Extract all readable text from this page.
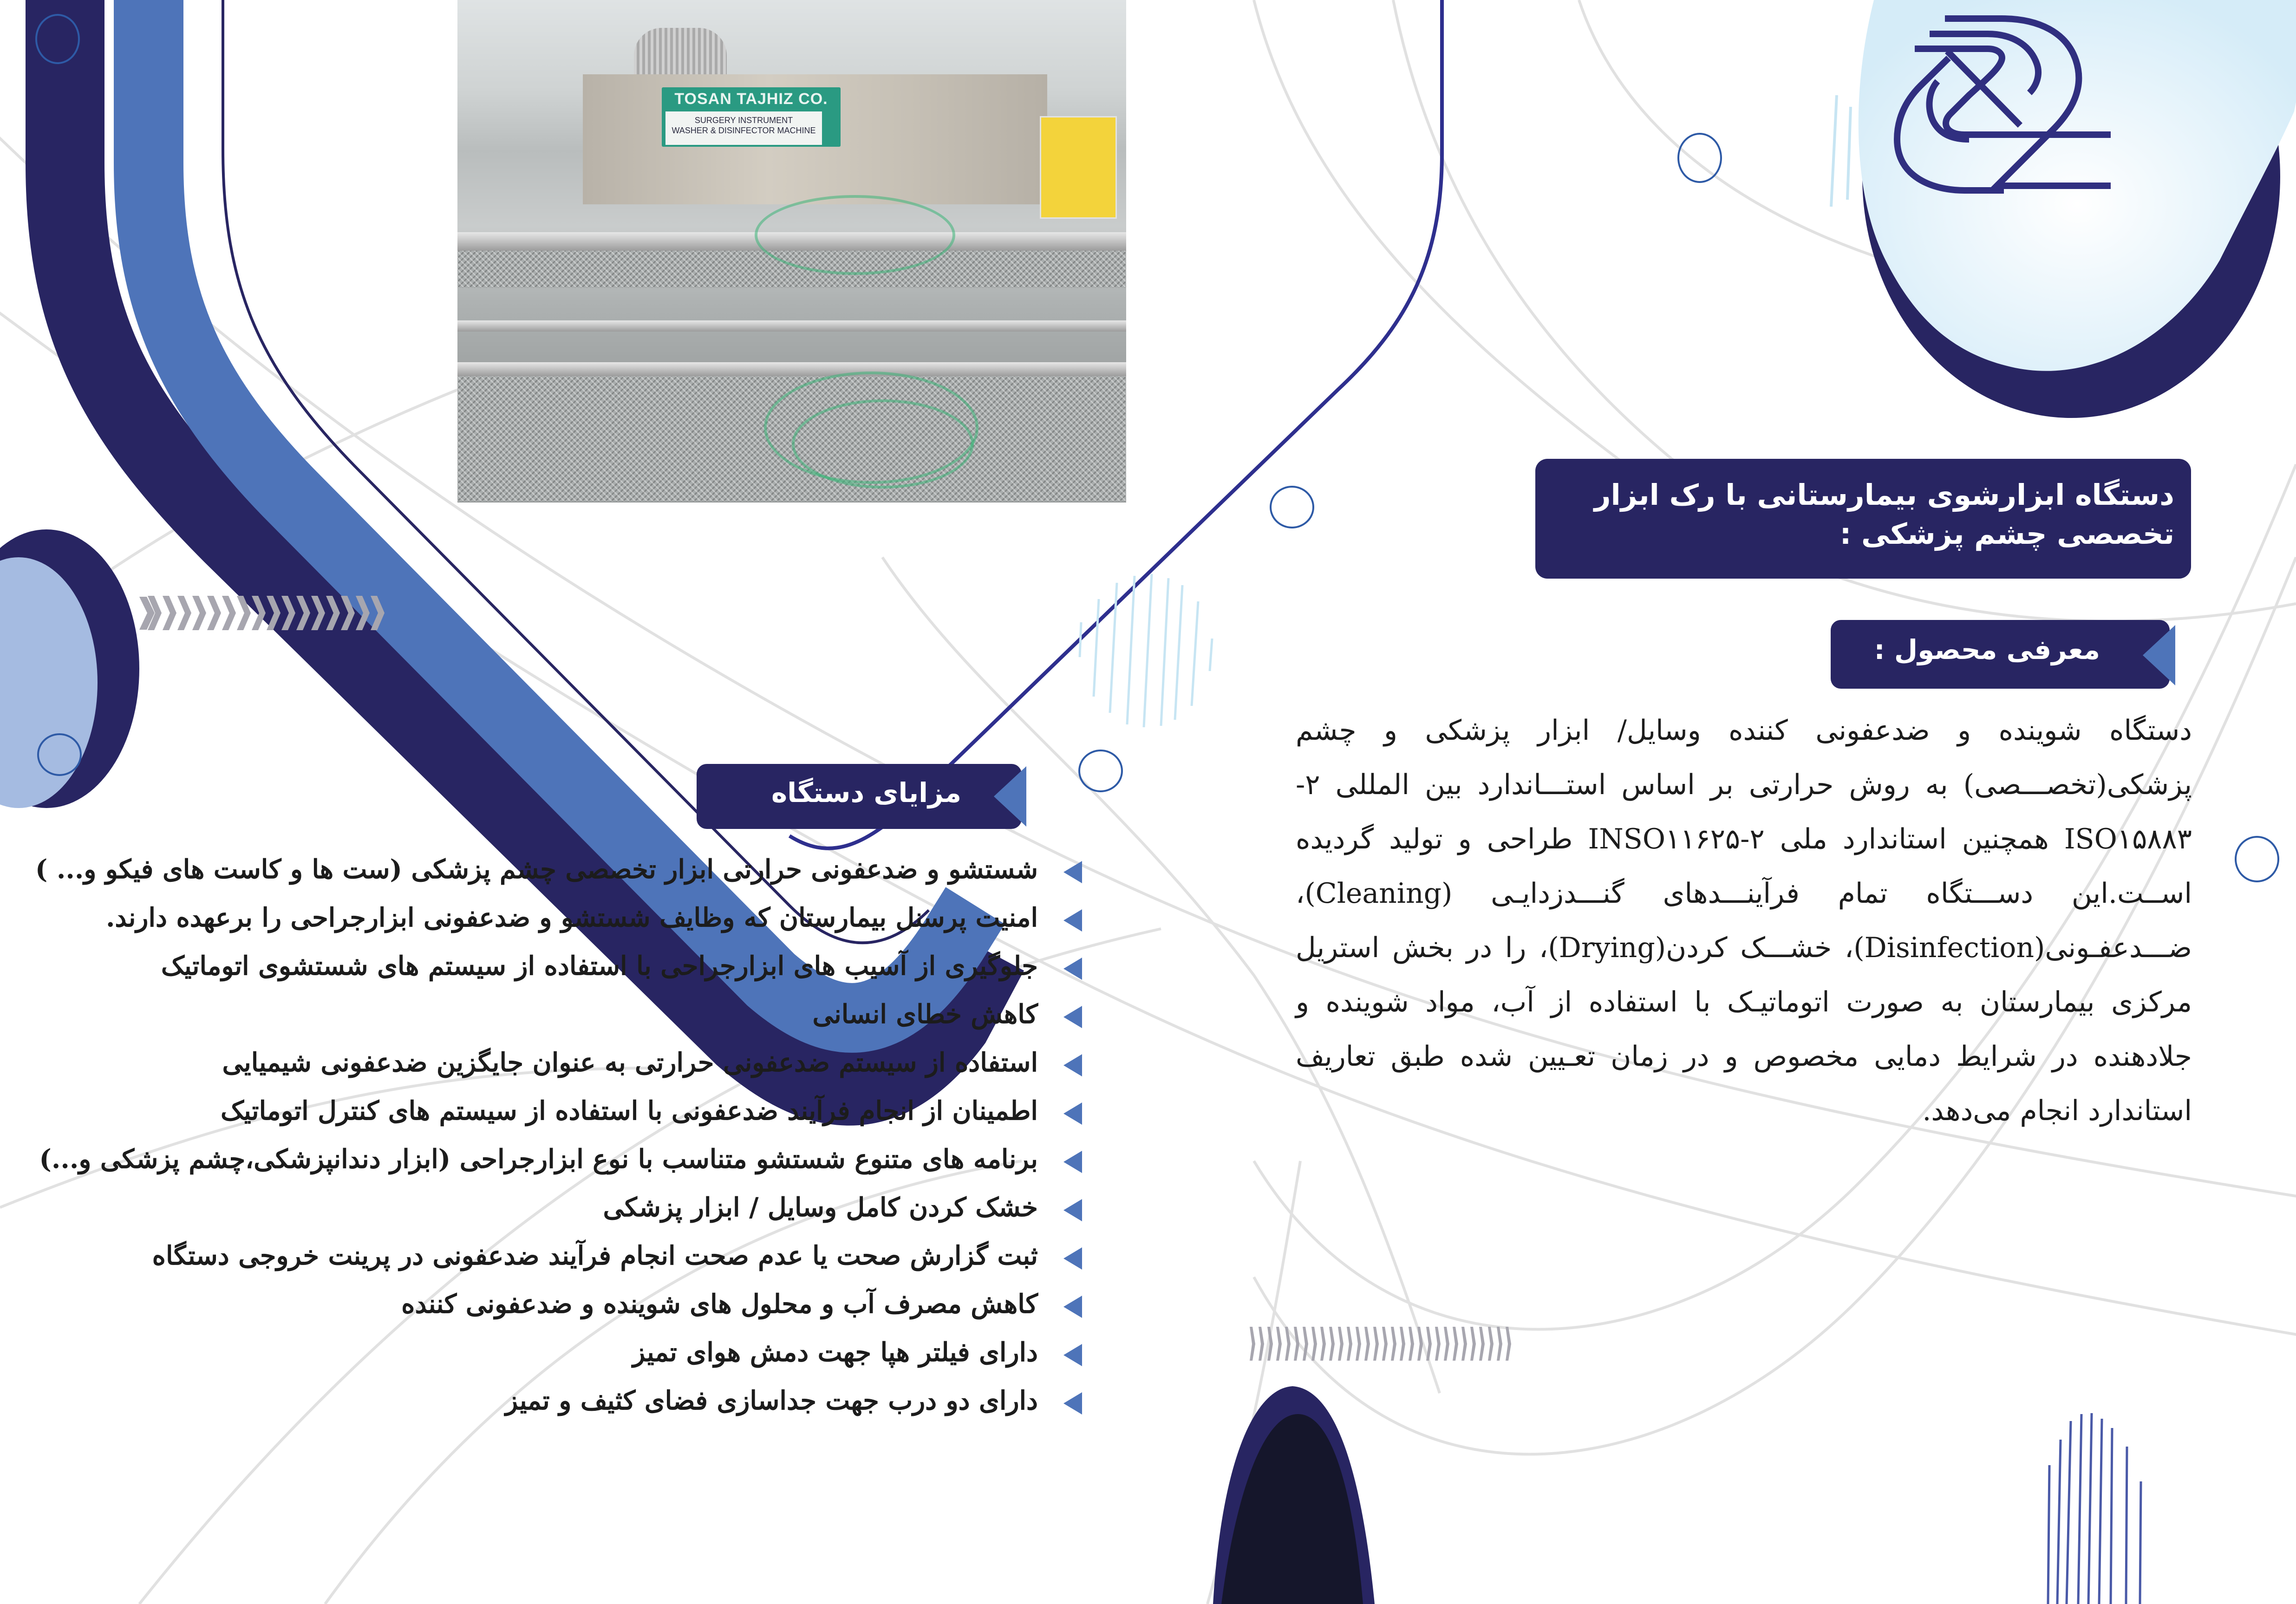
TOSAN TAJHIZ CO.
SURGERY INSTRUMENT
WASHER & DISINFECTOR MACHINE
دستگاه ابزارشوی بیمارستانی با رک ابزار تخصصی چشم پزشکی :
معرفی محصول :
دستگاه شوینده و ضدعفونی کننده وسایل/ ابزار پزشکی و چشم پزشکی(تخصـــصی) به روش حرارتی بر اساس استـــاندارد بین المللی ۲- ISO۱۵۸۸۳ همچنین استاندارد ملی ۲-INSO۱۱۶۲۵ طراحی و تولید گردیده اســت.این دســـتگاه تمام فرآینـــدهای گنـــدزدایـی (Cleaning)، ضـــدعفـونی(Disinfection)، خشـــک کردن(Drying)، را در بخش استریل مرکزی بیمارستان به صورت اتوماتیـک با استفاده از آب، مواد شوینده و جلادهنده در شرایط دمایی مخصوص و در زمان تعـیین شده طبق تعاریف استاندارد انجام می‌دهد.
مزایای دستگاه
شستشو و ضدعفونی حرارتی ابزار تخصصی چشم پزشکی (ست ها و کاست های فیکو و... )
امنیت پرسنل بیمارستان که وظایف شستشو و ضدعفونی ابزارجراحی را برعهده دارند.
جلوگیری از آسیب های ابزارجراحی با استفاده از سیستم های شستشوی اتوماتیک
کاهش خطای انسانی
استفاده از سیستم ضدعفونی حرارتی به عنوان جایگزین ضدعفونی شیمیایی
اطمینان از انجام فرآیند ضدعفونی با استفاده از سیستم های کنترل اتوماتیک
برنامه های متنوع شستشو متناسب با نوع ابزارجراحی (ابزار دندانپزشکی،چشم پزشکی و...)
خشک کردن کامل وسایل / ابزار پزشکی
ثبت گزارش صحت یا عدم صحت انجام فرآیند ضدعفونی در پرینت خروجی دستگاه
کاهش مصرف آب و محلول های شوینده و ضدعفونی کننده
دارای فیلتر هپا جهت دمش هوای تمیز
دارای دو درب جهت جداسازی فضای کثیف و تمیز
